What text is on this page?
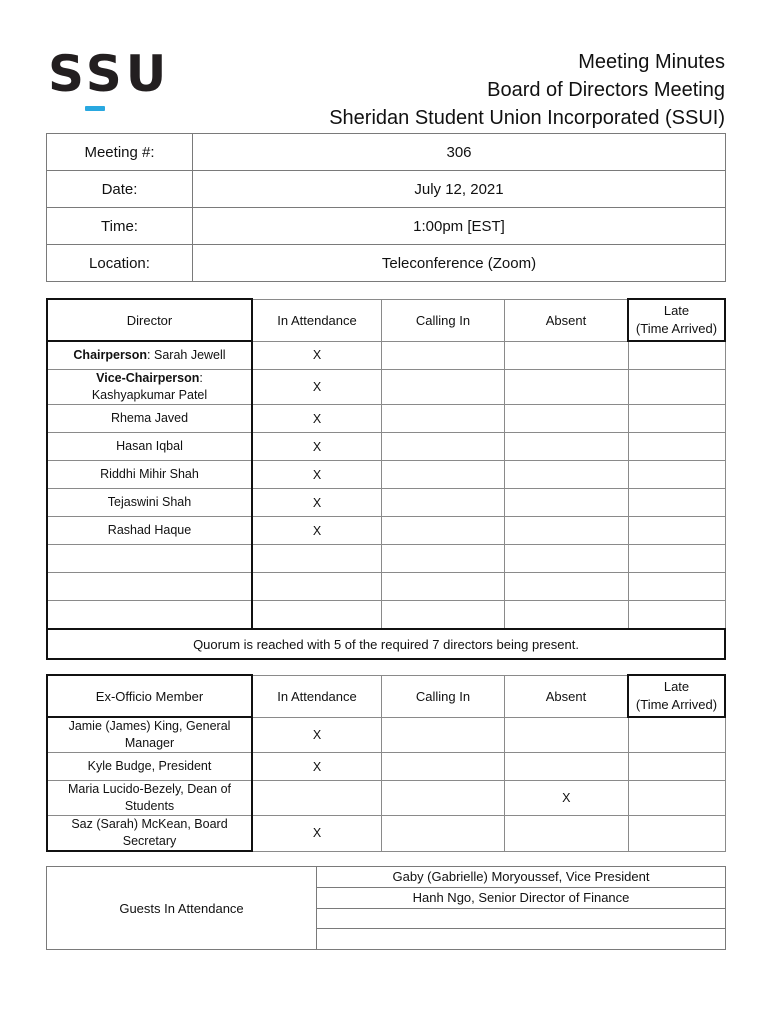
SSU	Meeting Minutes
Board of Directors Meeting
Sheridan Student Union Incorporated (SSUI)
Meeting #:	306
Date:	July 12, 2021
Time:	1:00pm [EST]
Location:	Teleconference (Zoom)
Director	In Attendance	Calling In	Absent	Late
(Time Arrived)
Chairperson: Sarah Jewell	X			
Vice-Chairperson:
Kashyapkumar Patel	X			
Rhema Javed	X			
Hasan Iqbal	X			
Riddhi Mihir Shah	X			
Tejaswini Shah	X			
Rashad Haque	X			

Quorum is reached with 5 of the required 7 directors being present.				
Ex-Officio Member	In Attendance	Calling In	Absent	Late
(Time Arrived)
Jamie (James) King, General Manager	X			
Kyle Budge, President	X			
Maria Lucido-Bezely, Dean of Students			X	
Saz (Sarah) McKean, Board Secretary	X			
Guests In Attendance	Gaby (Gabrielle) Moryoussef, Vice President
Hanh Ngo, Senior Director of Finance
